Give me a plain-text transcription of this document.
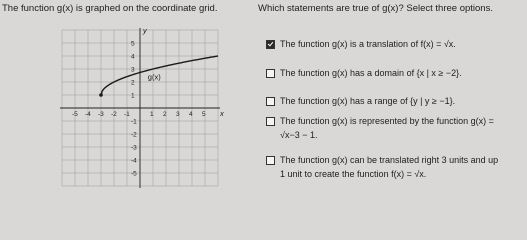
The function g(x) is graphed on the coordinate grid.	Which statements are true of g(x)? Select three options.
-5 -4 -3 -2 -1	1 2 3 4 5
5
4
3
2
1
-1
-2
-3
-4
-5
g(x)
x
y
The function g(x) is a translation of f(x) = √x.
The function g(x) has a domain of {x | x ≥ −2}.
The function g(x) has a range of {y | y ≥ −1}.
The function g(x) is represented by the function g(x) =
√x−3 − 1.
The function g(x) can be translated right 3 units and up
1 unit to create the function f(x) = √x.
